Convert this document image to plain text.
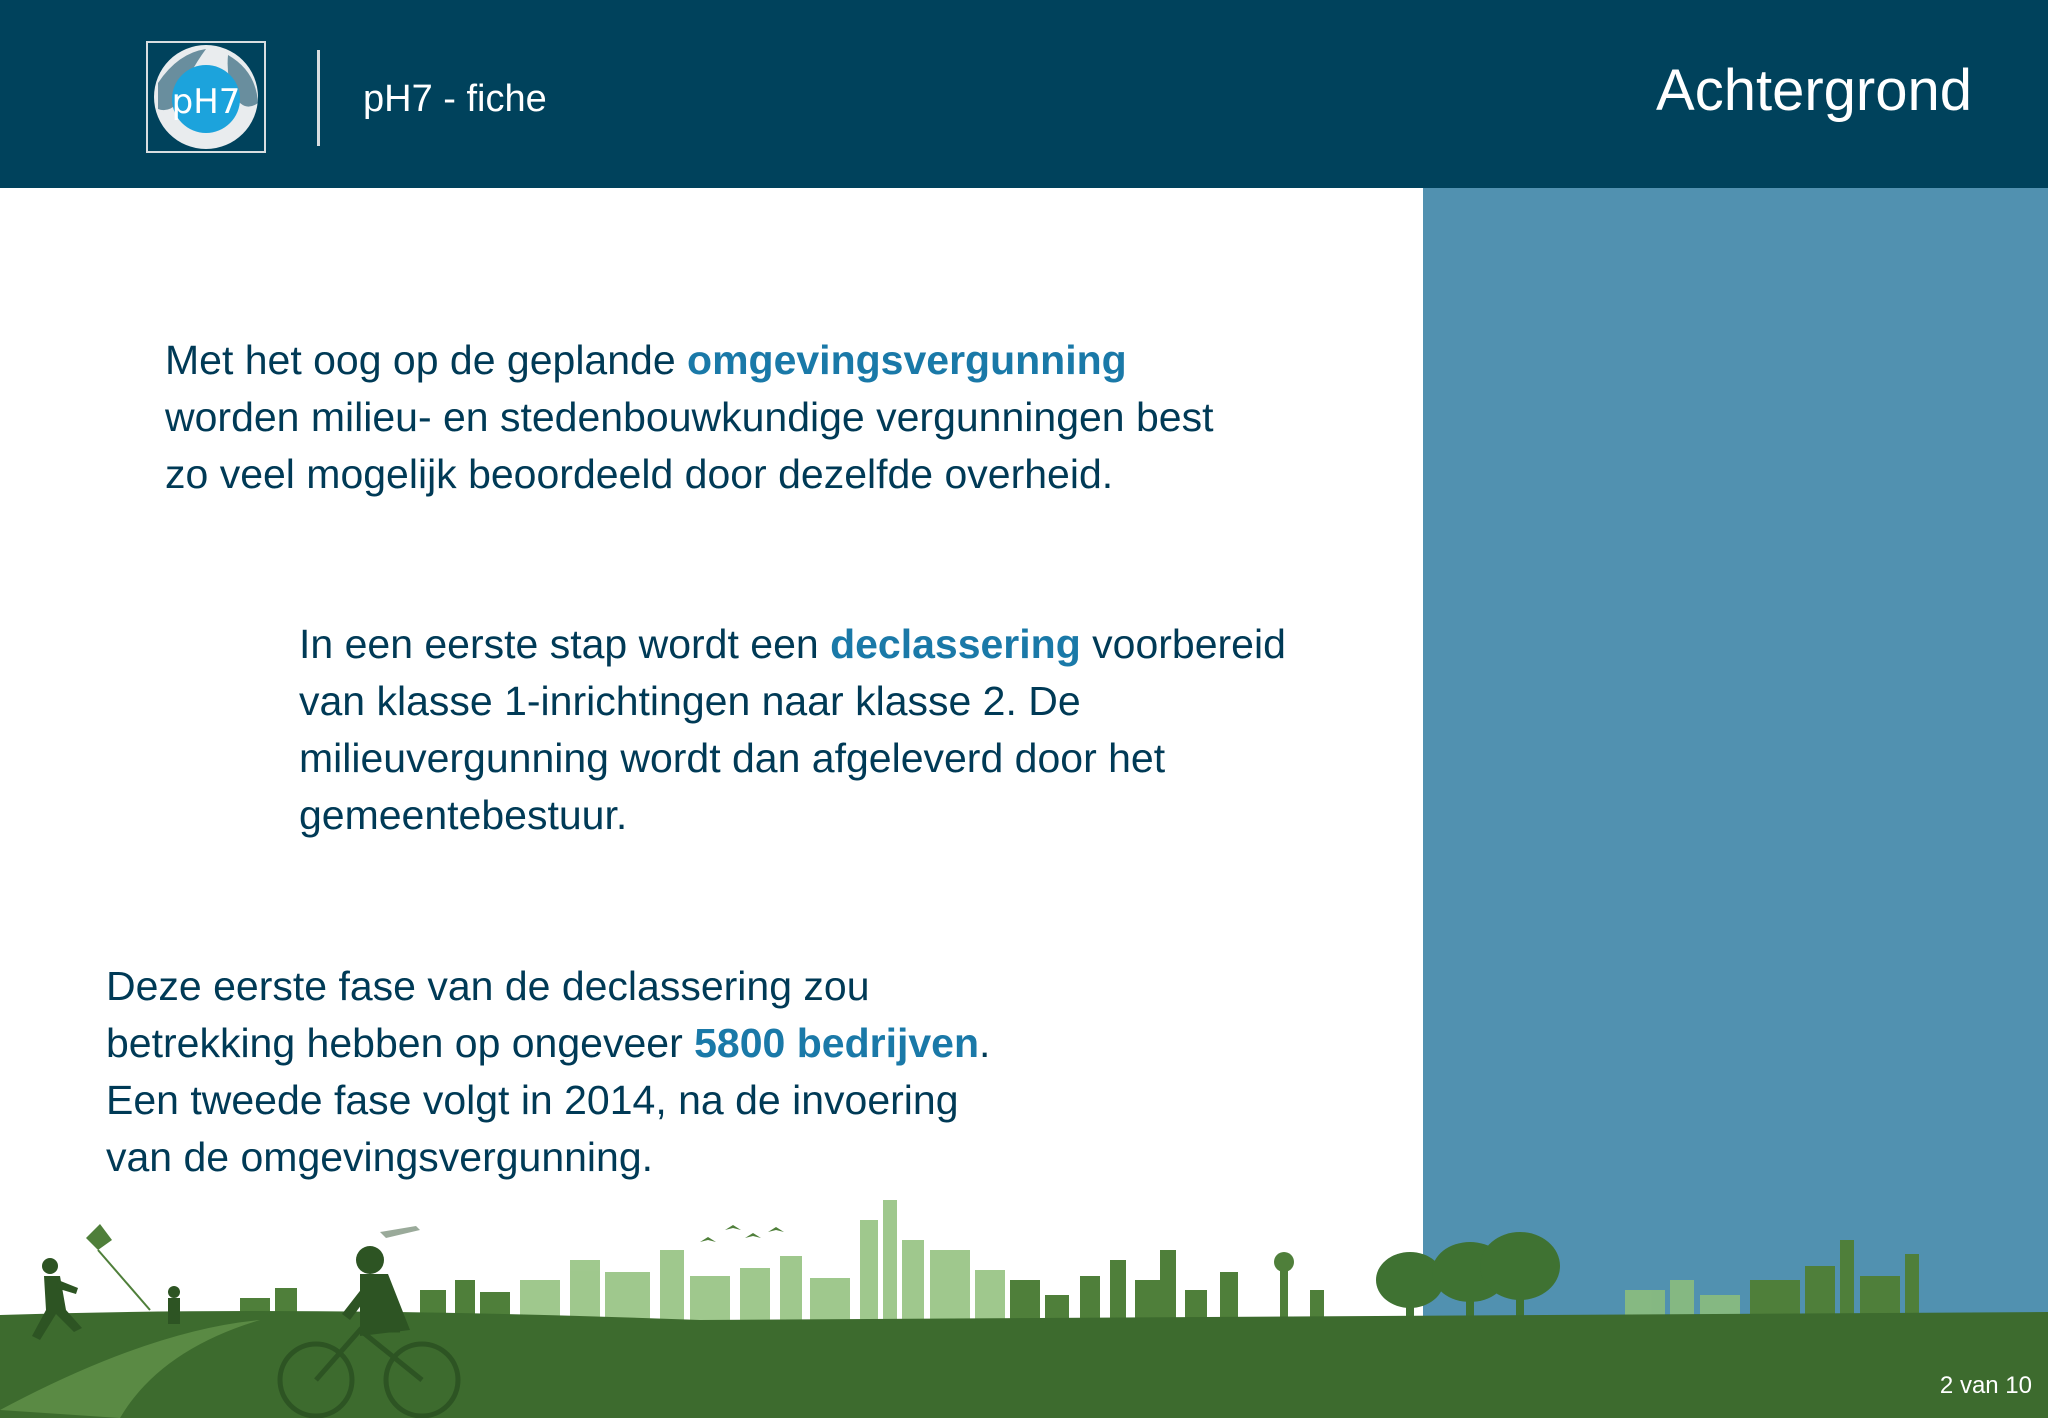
pH7	pH7 - fiche	Achtergrond
Met het oog op de geplande omgevingsvergunning
worden milieu- en stedenbouwkundige vergunningen best
zo veel mogelijk beoordeeld door dezelfde overheid.
In een eerste stap wordt een declassering voorbereid
van klasse 1-inrichtingen naar klasse 2. De
milieuvergunning wordt dan afgeleverd door het
gemeentebestuur.
Deze eerste fase van de declassering zou
betrekking hebben op ongeveer 5800 bedrijven.
Een tweede fase volgt in 2014, na de invoering
van de omgevingsvergunning.
2 van 10
